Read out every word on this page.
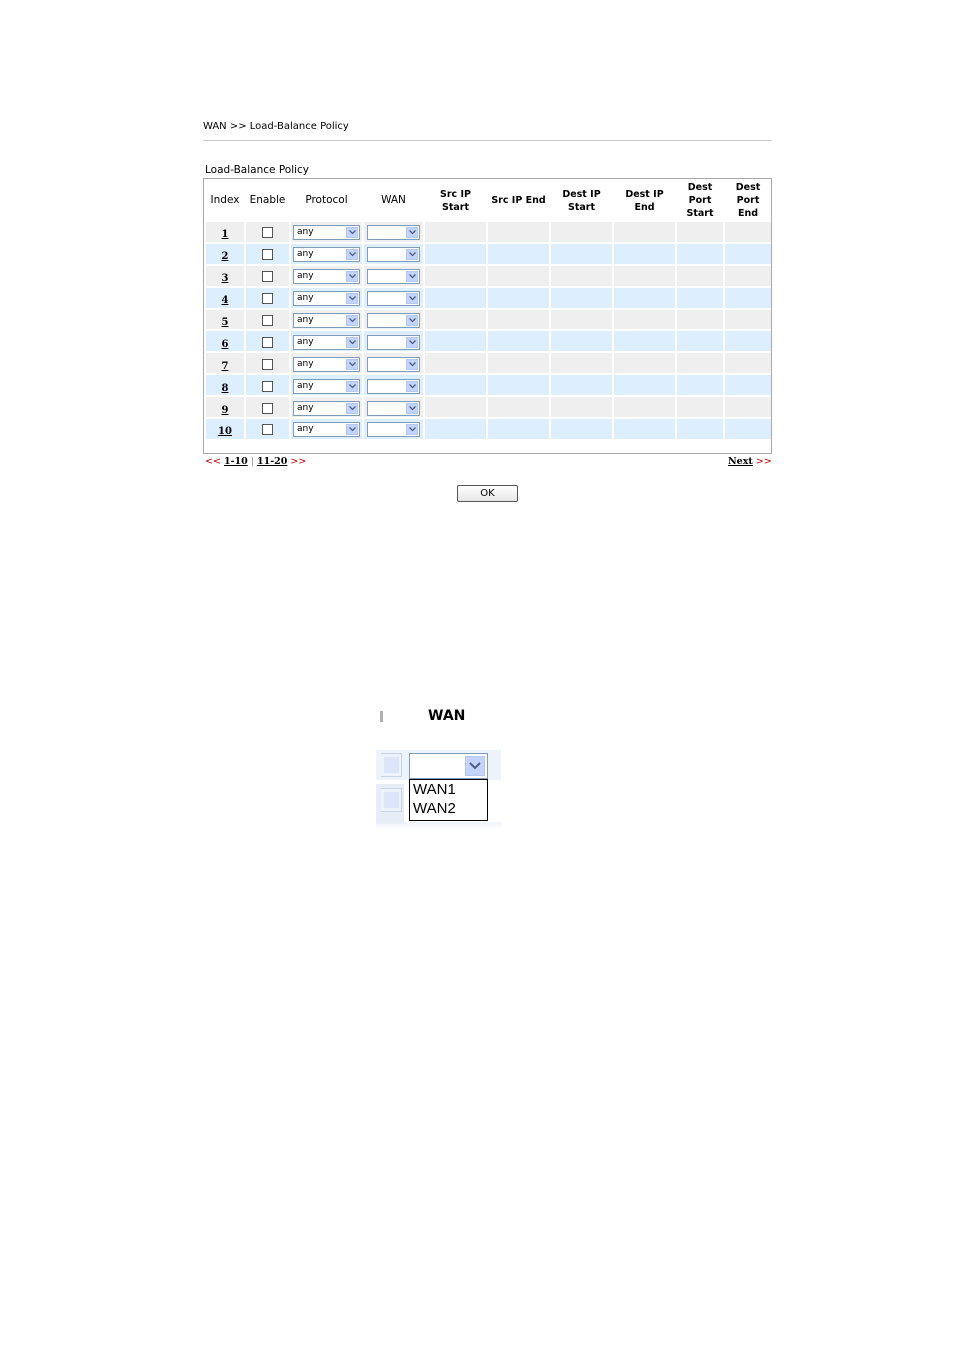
WAN >> Load-Balance Policy
Load-Balance Policy
Index	Enable	Protocol	WAN	Src IP Start	Src IP End	Dest IP Start	Dest IP End	Dest Port Start	Dest Port End
1		any

2		any

3		any

4		any

5		any

6		any

7		any

8		any

9		any

10		any

<< 1-10 | 11-20 >>	Next >>
OK
WAN
WAN1
WAN2
